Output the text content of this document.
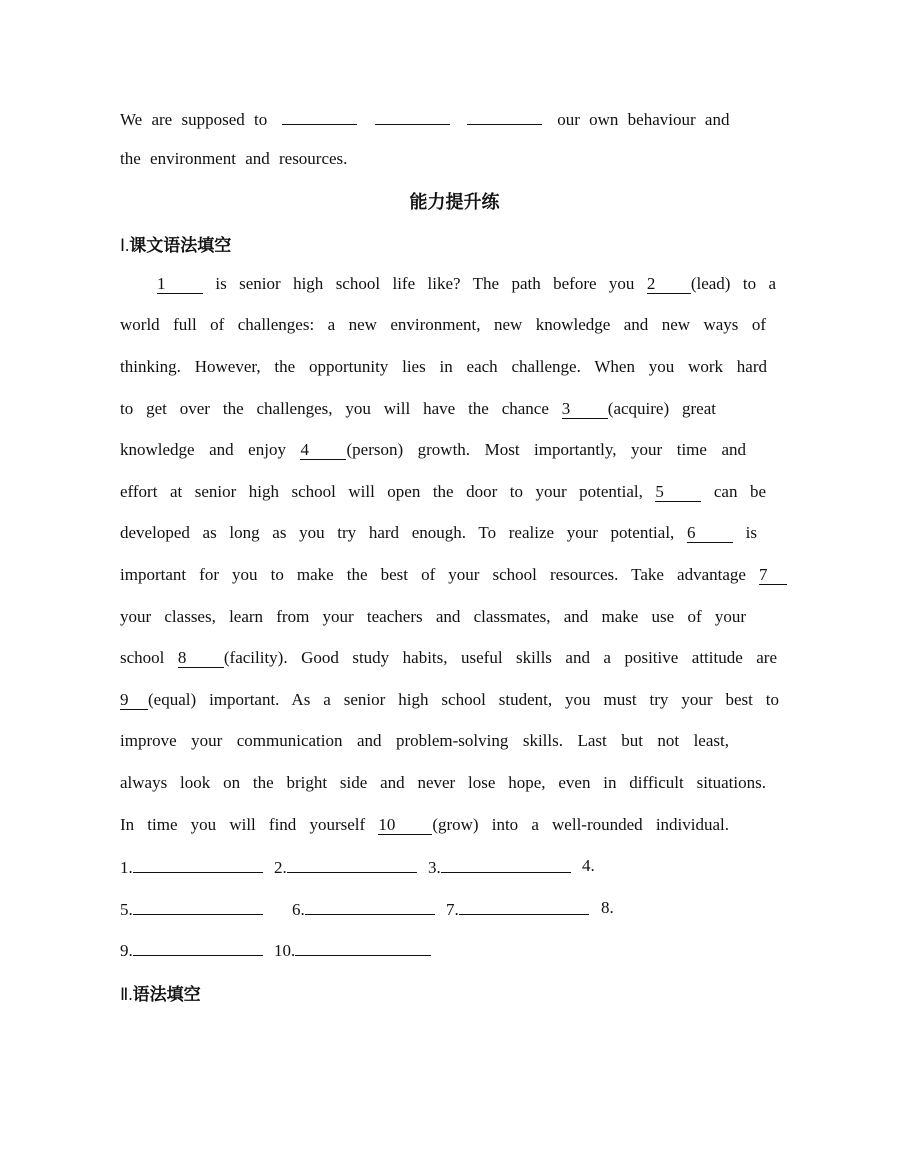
We are supposed to	our own behaviour and
the environment and resources.
能力提升练
Ⅰ.课文语法填空
1	is senior high school life like? The path before you 2 (lead) to a
world full of challenges: a new environment, new knowledge and new ways of
thinking. However, the opportunity lies in each challenge. When you work hard
to get over the challenges, you will have the chance 3 (acquire) great
knowledge and enjoy 4 (person) growth. Most importantly, your time and
effort at senior high school will open the door to your potential, 5	can be
developed as long as you try hard enough. To realize your potential, 6	is
important for you to make the best of your school resources. Take advantage 7
your classes, learn from your teachers and classmates, and make use of your
school 8 (facility). Good study habits, useful skills and a positive attitude are
9 (equal) important. As a senior high school student, you must try your best to
improve your communication and problem-solving skills. Last but not least,
always look on the bright side and never lose hope, even in difficult situations.
In time you will find yourself 10 (grow) into a well-rounded individual.
1.	2.	3.	4.
5.	6.	7.	8.
9.	10.
Ⅱ.语法填空
